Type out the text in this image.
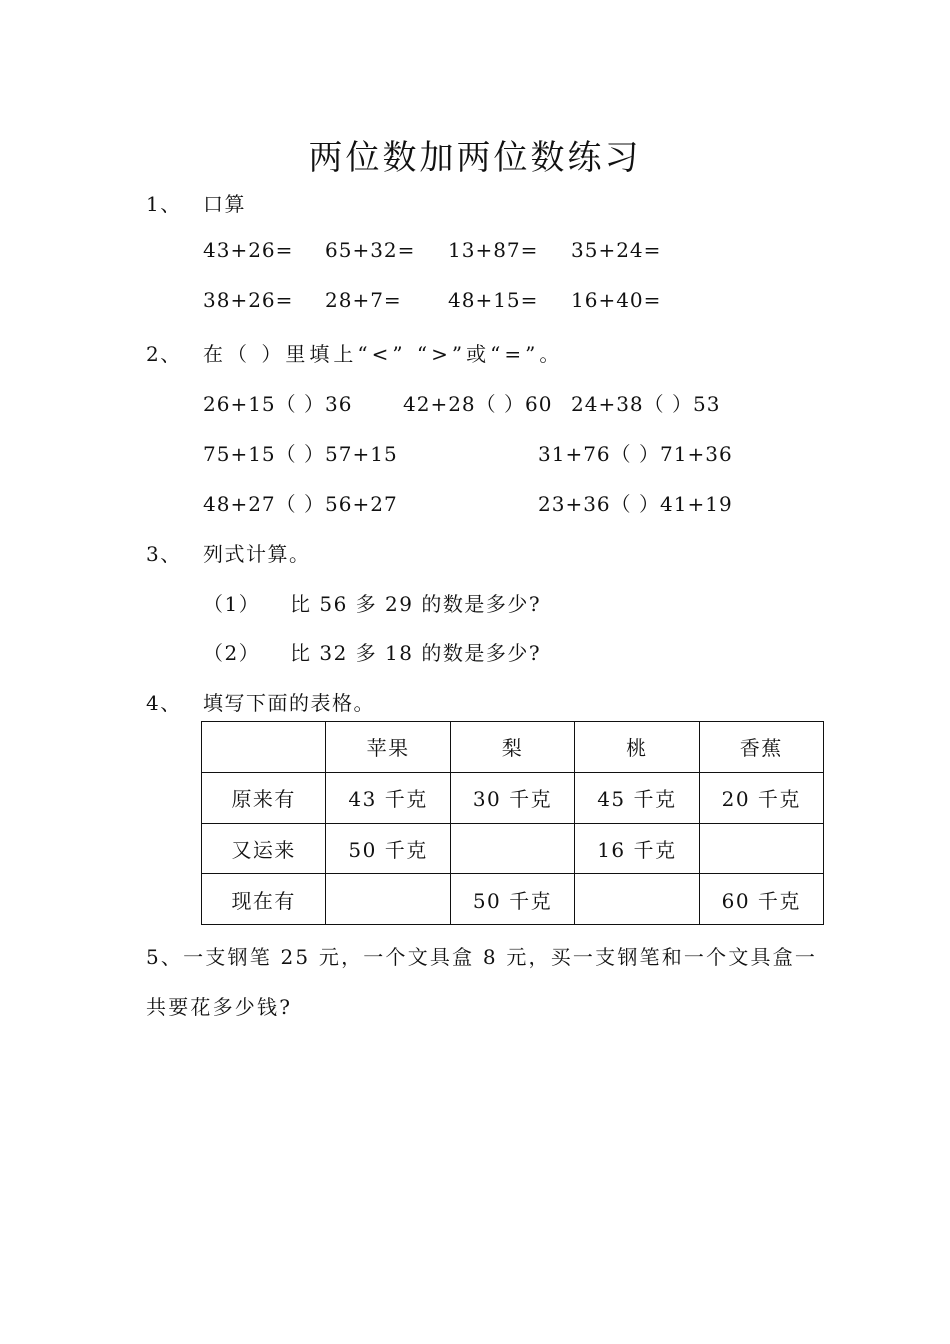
两位数加两位数练习
1、 口算
43+26= 65+32= 13+87= 35+24=
38+26= 28+7= 48+15= 16+40=
2、 在（ ）里填上“<” “>”或“=”。
26+15（ ）36	42+28（ ）60 24+38（ ）53
75+15（ ）57+15	31+76（ ）71+36
48+27（ ）56+27	23+36（ ）41+19
3、 列式计算。
（1） 比 56 多 29 的数是多少?
（2） 比 32 多 18 的数是多少?
4、 填写下面的表格。
	苹果	梨	桃	香蕉
原来有	43 千克	30 千克	45 千克	20 千克
又运来	50 千克		16 千克	
现在有		50 千克		60 千克
5、一支钢笔 25 元，一个文具盒 8 元，买一支钢笔和一个文具盒一
共要花多少钱?
